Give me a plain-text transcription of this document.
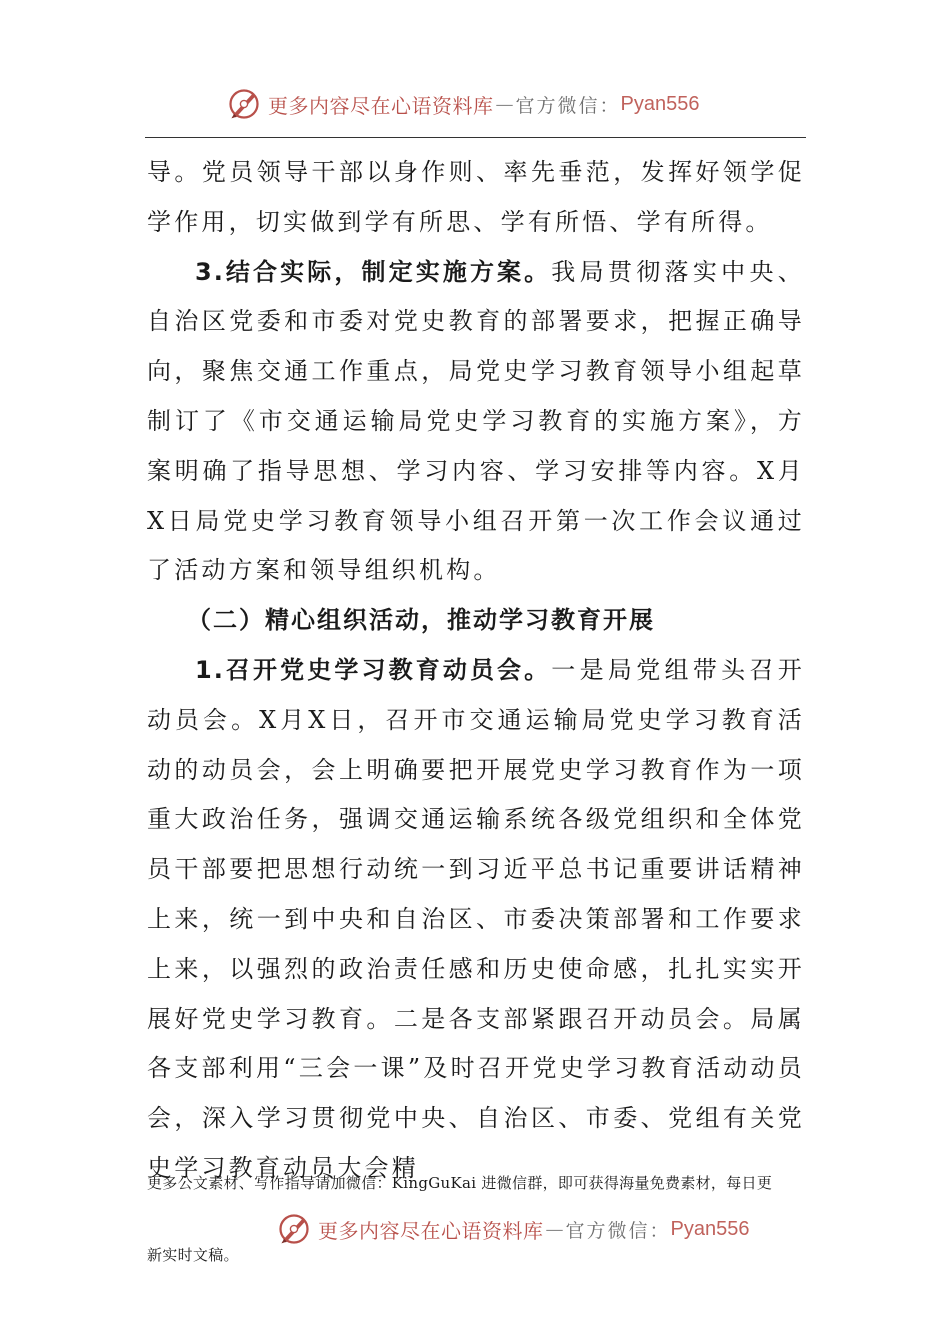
更多内容尽在心语资料库 — 官方微信： Pyan556

导。党员领导干部以身作则、率先垂范，发挥好领学促学作用，切实做到学有所思、学有所悟、学有所得。

3.结合实际，制定实施方案。我局贯彻落实中央、自治区党委和市委对党史教育的部署要求，把握正确导向，聚焦交通工作重点，局党史学习教育领导小组起草制订了《市交通运输局党史学习教育的实施方案》，方案明确了指导思想、学习内容、学习安排等内容。X月X日局党史学习教育领导小组召开第一次工作会议通过了活动方案和领导组织机构。

（二）精心组织活动，推动学习教育开展

1.召开党史学习教育动员会。一是局党组带头召开动员会。X月X日，召开市交通运输局党史学习教育活动的动员会，会上明确要把开展党史学习教育作为一项重大政治任务，强调交通运输系统各级党组织和全体党员干部要把思想行动统一到习近平总书记重要讲话精神上来，统一到中央和自治区、市委决策部署和工作要求上来，以强烈的政治责任感和历史使命感，扎扎实实开展好党史学习教育。二是各支部紧跟召开动员会。局属各支部利用“三会一课”及时召开党史学习教育活动动员会，深入学习贯彻党中央、自治区、市委、党组有关党史学习教育动员大会精

更多公文素材、写作指导请加微信：KingGuKai 进微信群，即可获得海量免费素材，每日更
更多内容尽在心语资料库 — 官方微信： Pyan556
新实时文稿。
